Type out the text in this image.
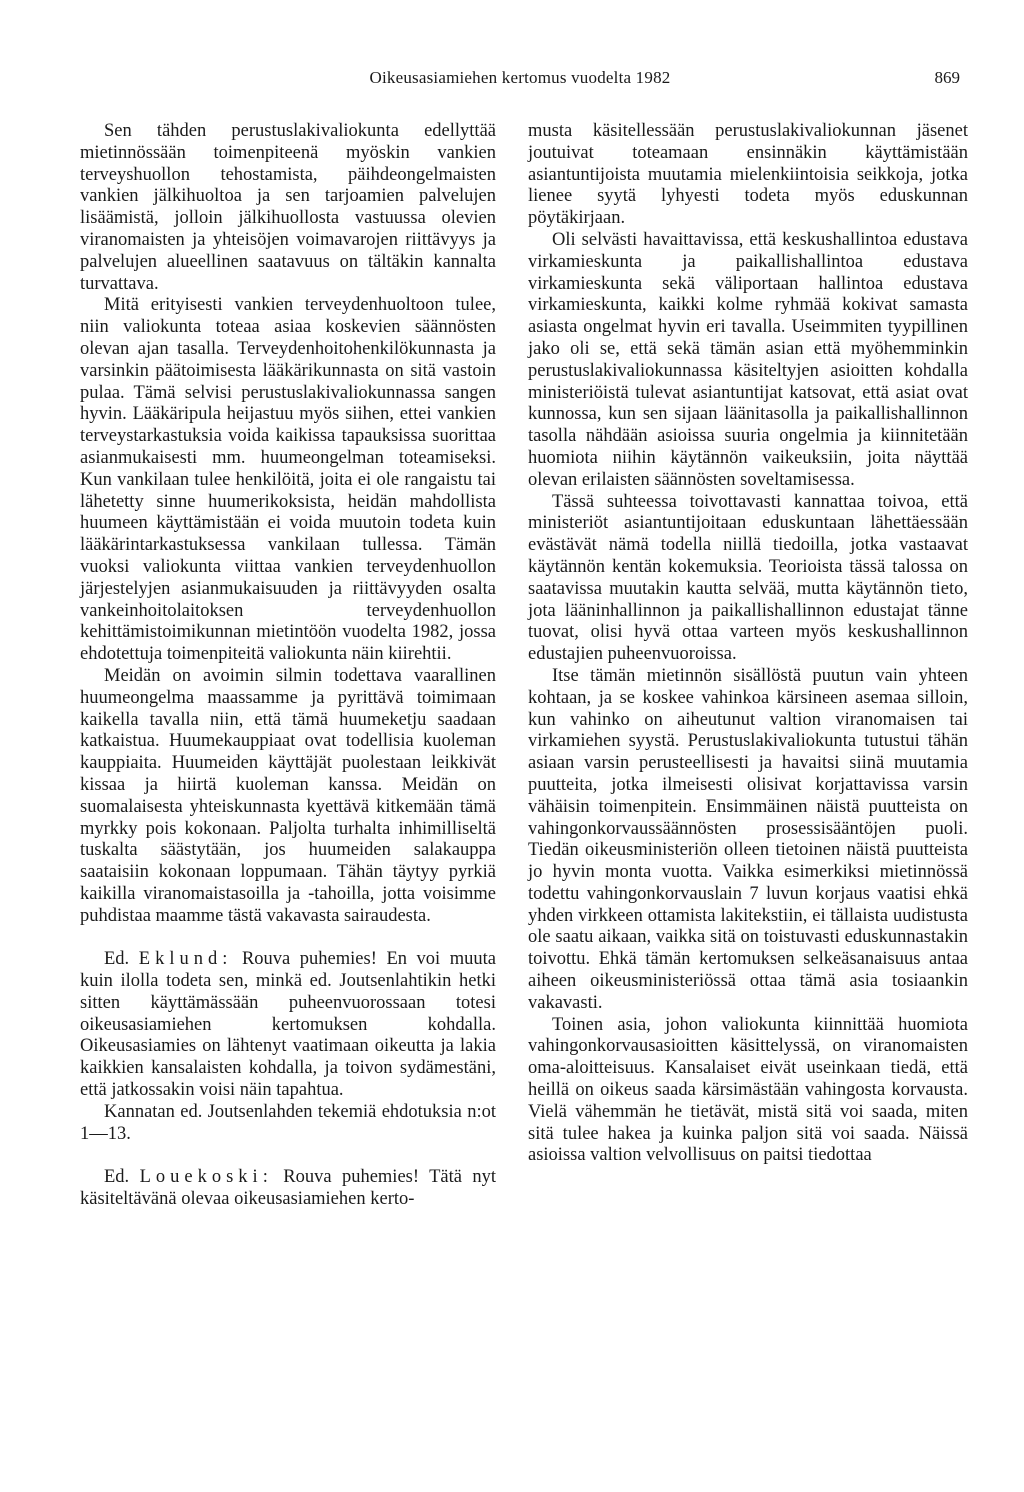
Oikeusasiamiehen kertomus vuodelta 1982	869

Sen tähden perustuslakivaliokunta edellyttää mietinnössään toimenpiteenä myöskin vankien terveyshuollon tehostamista, päihdeongelmaisten vankien jälkihuoltoa ja sen tarjoamien palvelujen lisäämistä, jolloin jälkihuollosta vastuussa olevien viranomaisten ja yhteisöjen voimavarojen riittävyys ja palvelujen alueellinen saatavuus on tältäkin kannalta turvattava.

Mitä erityisesti vankien terveydenhuoltoon tulee, niin valiokunta toteaa asiaa koskevien säännösten olevan ajan tasalla. Terveydenhoitohenkilökunnasta ja varsinkin päätoimisesta lääkärikunnasta on sitä vastoin pulaa. Tämä selvisi perustuslakivaliokunnassa sangen hyvin. Lääkäripula heijastuu myös siihen, ettei vankien terveystarkastuksia voida kaikissa tapauksissa suorittaa asianmukaisesti mm. huumeongelman toteamiseksi. Kun vankilaan tulee henkilöitä, joita ei ole rangaistu tai lähetetty sinne huumerikoksista, heidän mahdollista huumeen käyttämistään ei voida muutoin todeta kuin lääkärintarkastuksessa vankilaan tullessa. Tämän vuoksi valiokunta viittaa vankien terveydenhuollon järjestelyjen asianmukaisuuden ja riittävyyden osalta vankeinhoitolaitoksen terveydenhuollon kehittämistoimikunnan mietintöön vuodelta 1982, jossa ehdotettuja toimenpiteitä valiokunta näin kiirehtii.

Meidän on avoimin silmin todettava vaarallinen huumeongelma maassamme ja pyrittävä toimimaan kaikella tavalla niin, että tämä huumeketju saadaan katkaistua. Huumekauppiaat ovat todellisia kuoleman kauppiaita. Huumeiden käyttäjät puolestaan leikkivät kissaa ja hiirtä kuoleman kanssa. Meidän on suomalaisesta yhteiskunnasta kyettävä kitkemään tämä myrkky pois kokonaan. Paljolta turhalta inhimilliseltä tuskalta säästytään, jos huumeiden salakauppa saataisiin kokonaan loppumaan. Tähän täytyy pyrkiä kaikilla viranomaistasoilla ja -tahoilla, jotta voisimme puhdistaa maamme tästä vakavasta sairaudesta.

Ed. Eklund: Rouva puhemies! En voi muuta kuin ilolla todeta sen, minkä ed. Joutsenlahtikin hetki sitten käyttämässään puheenvuorossaan totesi oikeusasiamiehen kertomuksen kohdalla. Oikeusasiamies on lähtenyt vaatimaan oikeutta ja lakia kaikkien kansalaisten kohdalla, ja toivon sydämestäni, että jatkossakin voisi näin tapahtua.

Kannatan ed. Joutsenlahden tekemiä ehdotuksia n:ot 1—13.

Ed. Louekoski: Rouva puhemies! Tätä nyt käsiteltävänä olevaa oikeusasiamiehen kerto-

musta käsitellessään perustuslakivaliokunnan jäsenet joutuivat toteamaan ensinnäkin käyttämistään asiantuntijoista muutamia mielenkiintoisia seikkoja, jotka lienee syytä lyhyesti todeta myös eduskunnan pöytäkirjaan.

Oli selvästi havaittavissa, että keskushallintoa edustava virkamieskunta ja paikallishallintoa edustava virkamieskunta sekä väliportaan hallintoa edustava virkamieskunta, kaikki kolme ryhmää kokivat samasta asiasta ongelmat hyvin eri tavalla. Useimmiten tyypillinen jako oli se, että sekä tämän asian että myöhemminkin perustuslakivaliokunnassa käsiteltyjen asioitten kohdalla ministeriöistä tulevat asiantuntijat katsovat, että asiat ovat kunnossa, kun sen sijaan läänitasolla ja paikallishallinnon tasolla nähdään asioissa suuria ongelmia ja kiinnitetään huomiota niihin käytännön vaikeuksiin, joita näyttää olevan erilaisten säännösten soveltamisessa.

Tässä suhteessa toivottavasti kannattaa toivoa, että ministeriöt asiantuntijoitaan eduskuntaan lähettäessään evästävät nämä todella niillä tiedoilla, jotka vastaavat käytännön kentän kokemuksia. Teorioista tässä talossa on saatavissa muutakin kautta selvää, mutta käytännön tieto, jota lääninhallinnon ja paikallishallinnon edustajat tänne tuovat, olisi hyvä ottaa varteen myös keskushallinnon edustajien puheenvuoroissa.

Itse tämän mietinnön sisällöstä puutun vain yhteen kohtaan, ja se koskee vahinkoa kärsineen asemaa silloin, kun vahinko on aiheutunut valtion viranomaisen tai virkamiehen syystä. Perustuslakivaliokunta tutustui tähän asiaan varsin perusteellisesti ja havaitsi siinä muutamia puutteita, jotka ilmeisesti olisivat korjattavissa varsin vähäisin toimenpitein. Ensimmäinen näistä puutteista on vahingonkorvaussäännösten prosessisääntöjen puoli. Tiedän oikeusministeriön olleen tietoinen näistä puutteista jo hyvin monta vuotta. Vaikka esimerkiksi mietinnössä todettu vahingonkorvauslain 7 luvun korjaus vaatisi ehkä yhden virkkeen ottamista lakitekstiin, ei tällaista uudistusta ole saatu aikaan, vaikka sitä on toistuvasti eduskunnastakin toivottu. Ehkä tämän kertomuksen selkeäsanaisuus antaa aiheen oikeusministeriössä ottaa tämä asia tosiaankin vakavasti.

Toinen asia, johon valiokunta kiinnittää huomiota vahingonkorvausasioitten käsittelyssä, on viranomaisten oma-aloitteisuus. Kansalaiset eivät useinkaan tiedä, että heillä on oikeus saada kärsimästään vahingosta korvausta. Vielä vähemmän he tietävät, mistä sitä voi saada, miten sitä tulee hakea ja kuinka paljon sitä voi saada. Näissä asioissa valtion velvollisuus on paitsi tiedottaa
